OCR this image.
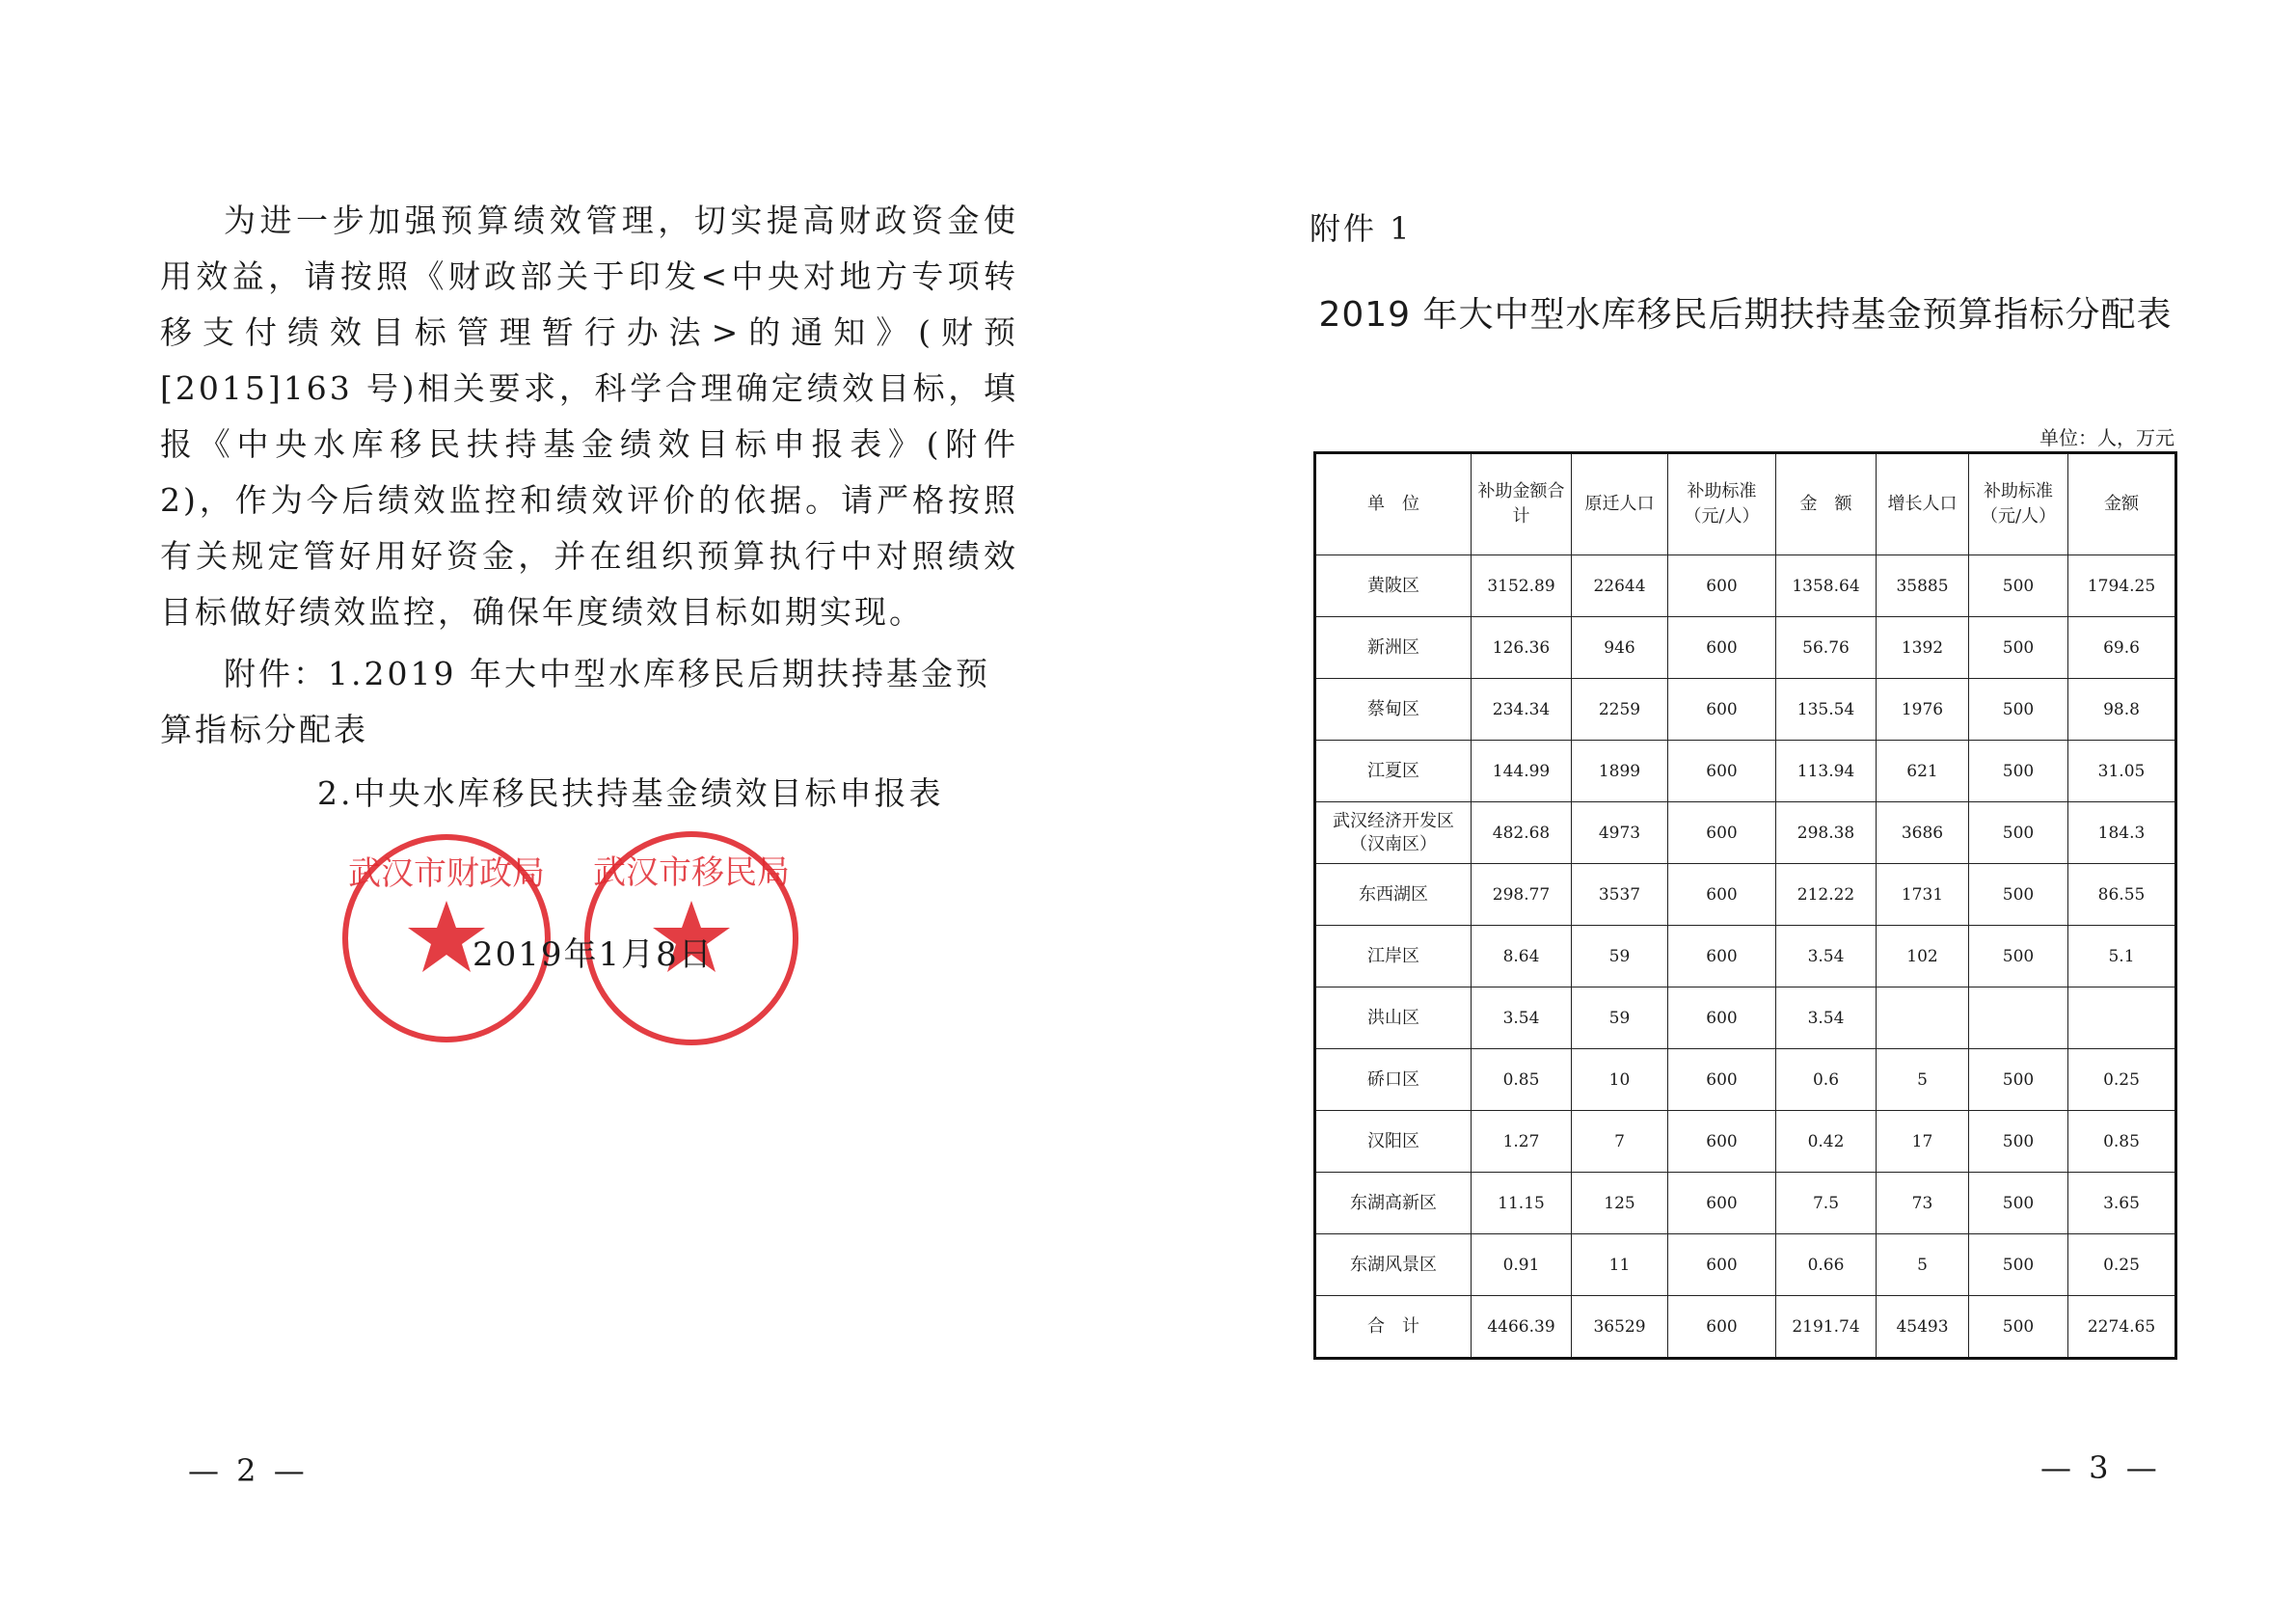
为进一步加强预算绩效管理，切实提高财政资金使用效益，请按照《财政部关于印发<中央对地方专项转移支付绩效目标管理暂行办法>的通知》(财预[2015]163 号)相关要求，科学合理确定绩效目标，填报《中央水库移民扶持基金绩效目标申报表》(附件 2)，作为今后绩效监控和绩效评价的依据。请严格按照有关规定管好用好资金，并在组织预算执行中对照绩效目标做好绩效监控，确保年度绩效目标如期实现。

附件：1.2019 年大中型水库移民后期扶持基金预算指标分配表

2.中央水库移民扶持基金绩效目标申报表

武汉市财政局 武汉市移民局
2019年1月8日
— 2 —
附件 1
2019 年大中型水库移民后期扶持基金预算指标分配表
单位：人，万元
单　位	补助金额合计	原迁人口	补助标准（元/人）	金　额	增长人口	补助标准（元/人）	金额
黄陂区	3152.89	22644	600	1358.64	35885	500	1794.25
新洲区	126.36	946	600	56.76	1392	500	69.6
蔡甸区	234.34	2259	600	135.54	1976	500	98.8
江夏区	144.99	1899	600	113.94	621	500	31.05
武汉经济开发区（汉南区）	482.68	4973	600	298.38	3686	500	184.3
东西湖区	298.77	3537	600	212.22	1731	500	86.55
江岸区	8.64	59	600	3.54	102	500	5.1
洪山区	3.54	59	600	3.54			
硚口区	0.85	10	600	0.6	5	500	0.25
汉阳区	1.27	7	600	0.42	17	500	0.85
东湖高新区	11.15	125	600	7.5	73	500	3.65
东湖风景区	0.91	11	600	0.66	5	500	0.25
合　计	4466.39	36529	600	2191.74	45493	500	2274.65
— 3 —
